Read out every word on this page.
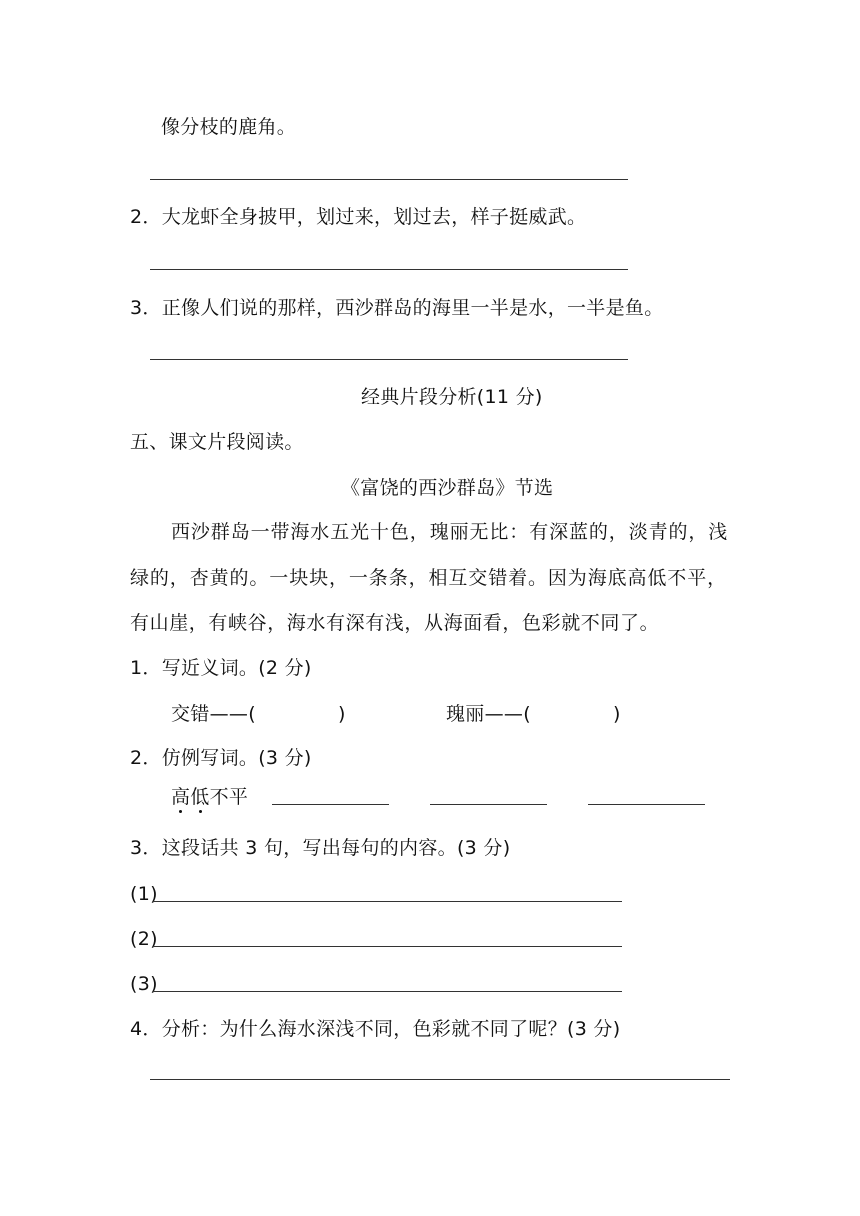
像分枝的鹿角。
2．大龙虾全身披甲，划过来，划过去，样子挺威武。
3．正像人们说的那样，西沙群岛的海里一半是水，一半是鱼。
经典片段分析(11 分)
五、课文片段阅读。
《富饶的西沙群岛》节选
西沙群岛一带海水五光十色，瑰丽无比：有深蓝的，淡青的，浅
绿的，杏黄的。一块块，一条条，相互交错着。因为海底高低不平，
有山崖，有峡谷，海水有深有浅，从海面看，色彩就不同了。
1．写近义词。(2 分)
交错——(	)	瑰丽——(	)
2．仿例写词。(3 分)
高低不平
3．这段话共 3 句，写出每句的内容。(3 分)
(1)
(2)
(3)
4．分析：为什么海水深浅不同，色彩就不同了呢？(3 分)
